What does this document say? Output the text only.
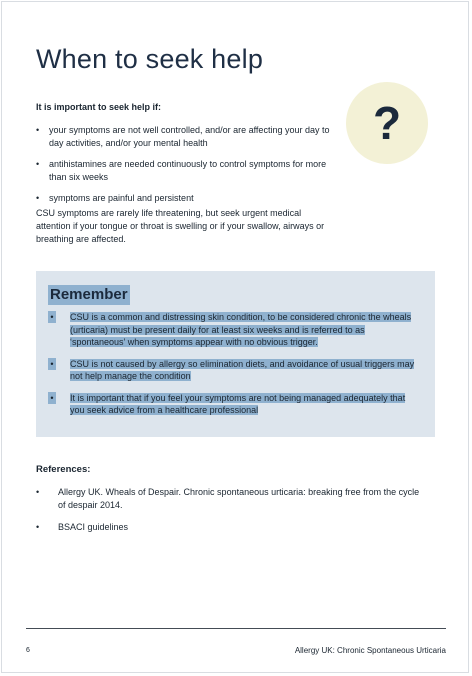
When to seek help
?
It is important to seek help if:
• your symptoms are not well controlled, and/or are affecting your day to day activities, and/or your mental health
• antihistamines are needed continuously to control symptoms for more than six weeks
• symptoms are painful and persistent

CSU symptoms are rarely life threatening, but seek urgent medical attention if your tongue or throat is swelling or if your swallow, airways or breathing are affected.

Remember
• CSU is a common and distressing skin condition, to be considered chronic the wheals (urticaria) must be present daily for at least six weeks and is referred to as ‘spontaneous’ when symptoms appear with no obvious trigger.
• CSU is not caused by allergy so elimination diets, and avoidance of usual triggers may not help manage the condition
• It is important that if you feel your symptoms are not being managed adequately that you seek advice from a healthcare professional
References:
• Allergy UK. Wheals of Despair. Chronic spontaneous urticaria: breaking free from the cycle of despair 2014.
• BSACI guidelines
6	Allergy UK: Chronic Spontaneous Urticaria
